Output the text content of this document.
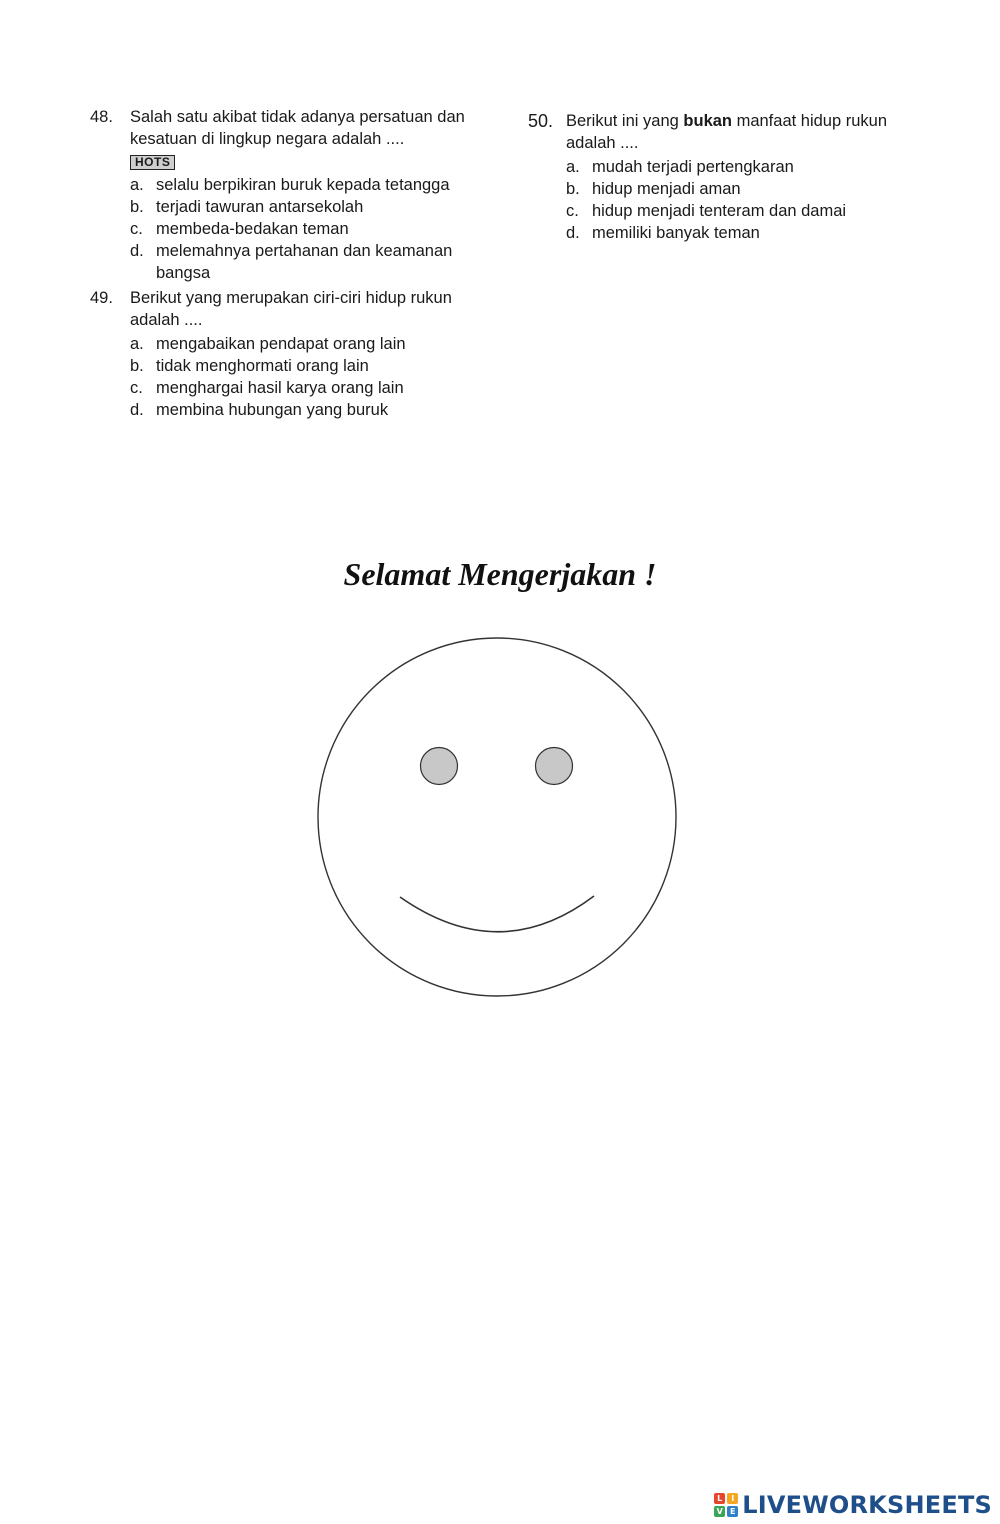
48. Salah satu akibat tidak adanya persatuan dan kesatuan di lingkup negara adalah ....
HOTS
a. selalu berpikiran buruk kepada tetangga
b. terjadi tawuran antarsekolah
c. membeda-bedakan teman
d. melemahnya pertahanan dan keamanan bangsa
49. Berikut yang merupakan ciri-ciri hidup rukun adalah ....
a. mengabaikan pendapat orang lain
b. tidak menghormati orang lain
c. menghargai hasil karya orang lain
d. membina hubungan yang buruk
50. Berikut ini yang bukan manfaat hidup rukun adalah ....
a. mudah terjadi pertengkaran
b. hidup menjadi aman
c. hidup menjadi tenteram dan damai
d. memiliki banyak teman
Selamat Mengerjakan !
L	I
V E LIVEWORKSHEETS
